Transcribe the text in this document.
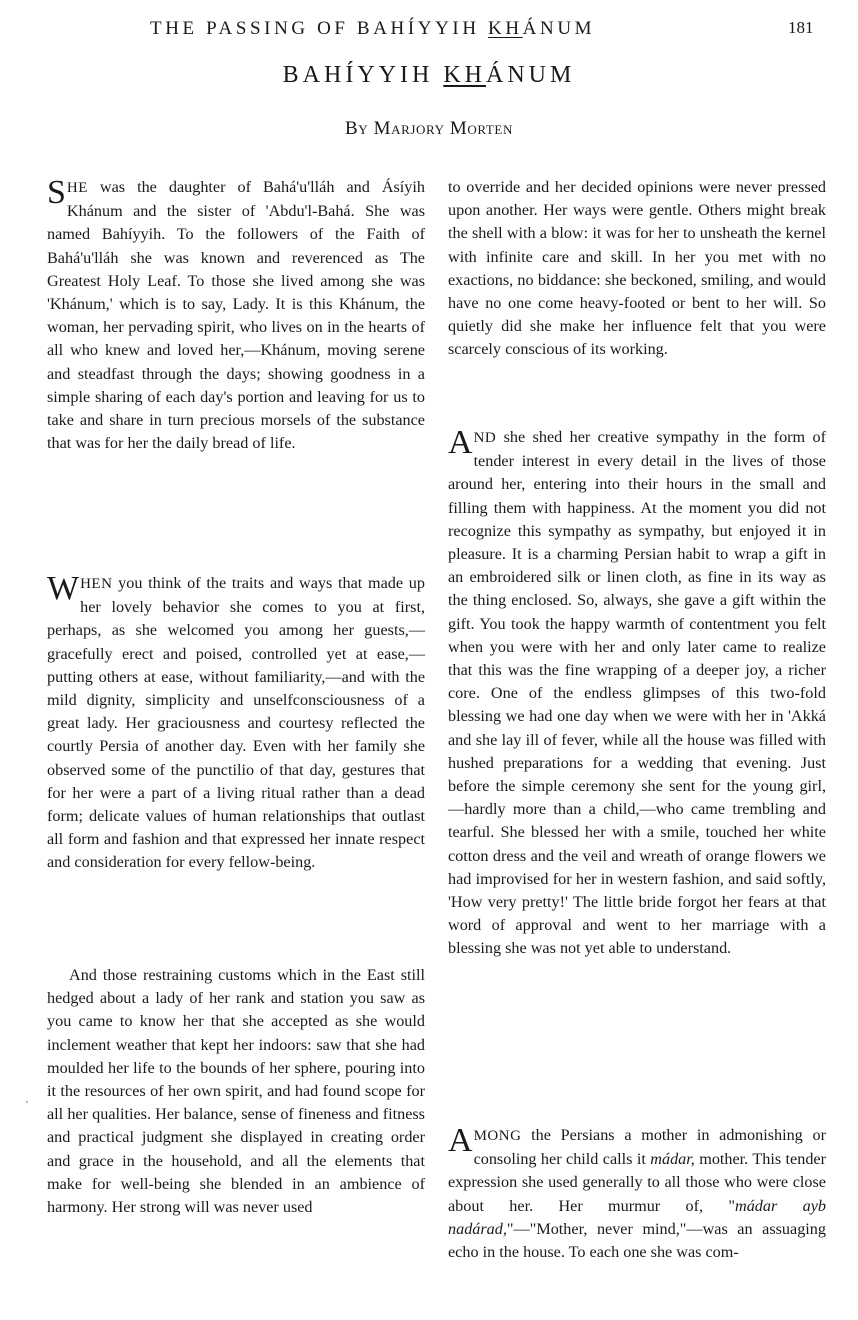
THE PASSING OF BAHÍYYIH KHÁNUM	181
BAHÍYYIH KHÁNUM
By Marjory Morten

SHE was the daughter of Bahá'u'lláh and Ásíyih Khánum and the sister of 'Abdu'l-Bahá. She was named Bahíyyih. To the followers of the Faith of Bahá'u'lláh she was known and reverenced as The Greatest Holy Leaf. To those she lived among she was 'Khánum,' which is to say, Lady. It is this Khánum, the woman, her pervading spirit, who lives on in the hearts of all who knew and loved her,—Khánum, moving serene and steadfast through the days; showing goodness in a simple sharing of each day's portion and leaving for us to take and share in turn precious morsels of the substance that was for her the daily bread of life.

WHEN you think of the traits and ways that made up her lovely behavior she comes to you at first, perhaps, as she welcomed you among her guests,—gracefully erect and poised, controlled yet at ease,—putting others at ease, without familiarity,—and with the mild dignity, simplicity and unselfconsciousness of a great lady. Her graciousness and courtesy reflected the courtly Persia of another day. Even with her family she observed some of the punctilio of that day, gestures that for her were a part of a living ritual rather than a dead form; delicate values of human relationships that outlast all form and fashion and that expressed her innate respect and consideration for every fellow-being.

And those restraining customs which in the East still hedged about a lady of her rank and station you saw as you came to know her that she accepted as she would inclement weather that kept her indoors: saw that she had moulded her life to the bounds of her sphere, pouring into it the resources of her own spirit, and had found scope for all her qualities. Her balance, sense of fineness and fitness and practical judgment she displayed in creating order and grace in the household, and all the elements that make for well-being she blended in an ambience of harmony. Her strong will was never used

to override and her decided opinions were never pressed upon another. Her ways were gentle. Others might break the shell with a blow: it was for her to unsheath the kernel with infinite care and skill. In her you met with no exactions, no biddance: she beckoned, smiling, and would have no one come heavy-footed or bent to her will. So quietly did she make her influence felt that you were scarcely conscious of its working.

AND she shed her creative sympathy in the form of tender interest in every detail in the lives of those around her, entering into their hours in the small and filling them with happiness. At the moment you did not recognize this sympathy as sympathy, but enjoyed it in pleasure. It is a charming Persian habit to wrap a gift in an embroidered silk or linen cloth, as fine in its way as the thing enclosed. So, always, she gave a gift within the gift. You took the happy warmth of contentment you felt when you were with her and only later came to realize that this was the fine wrapping of a deeper joy, a richer core. One of the endless glimpses of this two-fold blessing we had one day when we were with her in 'Akká and she lay ill of fever, while all the house was filled with hushed preparations for a wedding that evening. Just before the simple ceremony she sent for the young girl, —hardly more than a child,—who came trembling and tearful. She blessed her with a smile, touched her white cotton dress and the veil and wreath of orange flowers we had improvised for her in western fashion, and said softly, 'How very pretty!' The little bride forgot her fears at that word of approval and went to her marriage with a blessing she was not yet able to understand.

AMONG the Persians a mother in admonishing or consoling her child calls it mádar, mother. This tender expression she used generally to all those who were close about her. Her murmur of, "mádar ayb nadárad,"—"Mother, never mind,"—was an assuaging echo in the house. To each one she was com-

'
